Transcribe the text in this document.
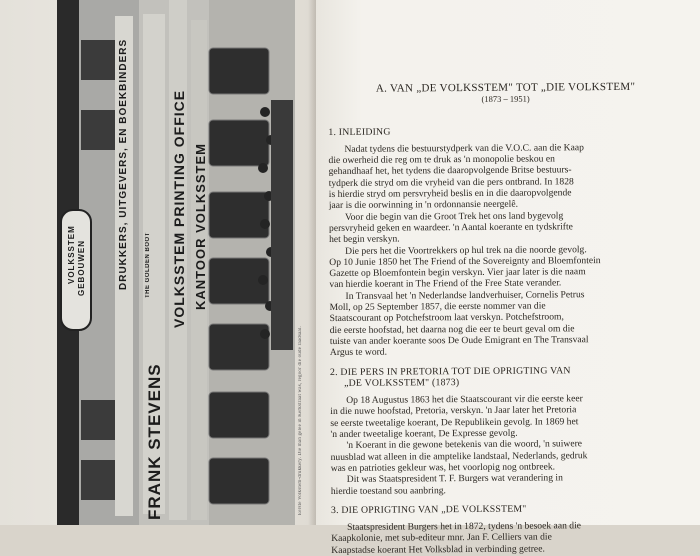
DRUKKERS, UITGEVERS, EN BOEKBINDERS
FRANK STEVENS
VOLKSSTEM PRINTING OFFICE KANTOOR VOLKSSTEM
VOLKSSTEM GEBOUWEN	THE GOLDEN BOOT
Eerste Volkstem-drukkery. Die man geleë in Kerkstraat was, regoor die oude raadsaal.
A. VAN „DE VOLKSSTEM" TOT „DIE VOLKSTEM"
(1873 – 1951)
1. INLEIDING
Nadat tydens die bestuurstydperk van die V.O.C. aan die Kaap
die owerheid die reg om te druk as 'n monopolie beskou en
gehandhaaf het, het tydens die daaropvolgende Britse bestuurs-
tydperk die stryd om die vryheid van die pers ontbrand. In 1828
is hierdie stryd om persvryheid beslis en in die daaropvolgende
jaar is die oorwinning in 'n ordonnansie neergelê.
Voor die begin van die Groot Trek het ons land bygevolg
persvryheid geken en waardeer. 'n Aantal koerante en tydskrifte
het begin verskyn.
Die pers het die Voortrekkers op hul trek na die noorde gevolg.
Op 10 Junie 1850 het The Friend of the Sovereignty and Bloemfontein
Gazette op Bloemfontein begin verskyn. Vier jaar later is die naam
van hierdie koerant in The Friend of the Free State verander.
In Transvaal het 'n Nederlandse landverhuiser, Cornelis Petrus
Moll, op 25 September 1857, die eerste nommer van die
Staatscourant op Potchefstroom laat verskyn. Potchefstroom,
die eerste hoofstad, het daarna nog die eer te beurt geval om die
tuiste van ander koerante soos De Oude Emigrant en The Transvaal
Argus te word.
2. DIE PERS IN PRETORIA TOT DIE OPRIGTING VAN
„DE VOLKSSTEM" (1873)
Op 18 Augustus 1863 het die Staatscourant vir die eerste keer
in die nuwe hoofstad, Pretoria, verskyn. 'n Jaar later het Pretoria
se eerste tweetalige koerant, De Republikein gevolg. In 1869 het
'n ander tweetalige koerant, De Expresse gevolg.
'n Koerant in die gewone betekenis van die woord, 'n suiwere
nuusblad wat alleen in die amptelike landstaal, Nederlands, gedruk
was en patrioties gekleur was, het voorlopig nog ontbreek.
Dit was Staatspresident T. F. Burgers wat verandering in
hierdie toestand sou aanbring.
3. DIE OPRIGTING VAN „DE VOLKSSTEM"
Staatspresident Burgers het in 1872, tydens 'n besoek aan die
Kaapkolonie, met sub-editeur mnr. Jan F. Celliers van die
Kaapstadse koerant Het Volksblad in verbinding getree.
